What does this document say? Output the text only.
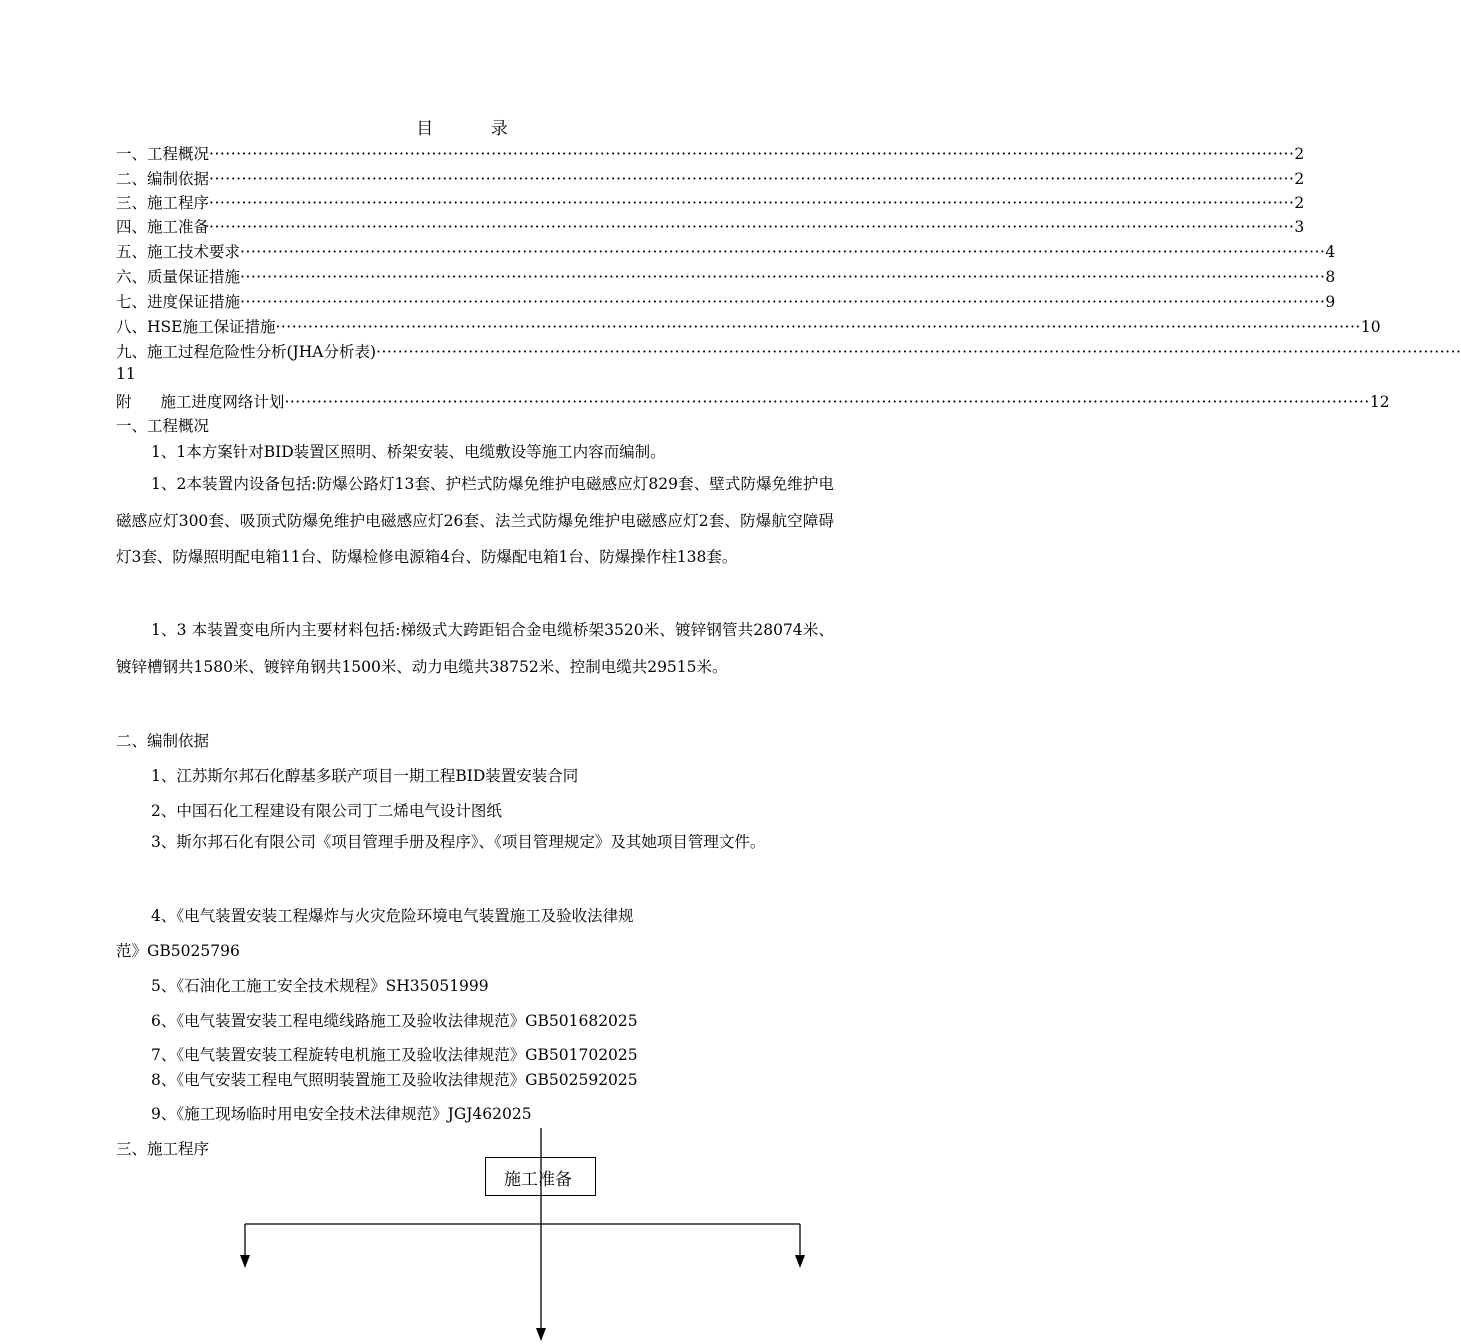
目 录
一、工程概况 ········································································································································································································ 2
二、编制依据 ········································································································································································································ 2
三、施工程序 ········································································································································································································ 2
四、施工准备 ········································································································································································································ 3
五、施工技术要求 ········································································································································································································ 4
六、质量保证措施 ········································································································································································································ 8
七、进度保证措施 ········································································································································································································ 9
八、HSE施工保证措施 ········································································································································································································ 10
九、施工过程危险性分析(JHA分析表) ········································································································································································································
11
附 施工进度网络计划 ········································································································································································································ 12
一、工程概况
1、1本方案针对BID装置区照明、桥架安装、电缆敷设等施工内容而编制。
1、2本装置内设备包括:防爆公路灯13套、护栏式防爆免维护电磁感应灯829套、壁式防爆免维护电磁感应灯300套、吸顶式防爆免维护电磁感应灯26套、法兰式防爆免维护电磁感应灯2套、防爆航空障碍灯3套、防爆照明配电箱11台、防爆检修电源箱4台、防爆配电箱1台、防爆操作柱138套。
1、3 本装置变电所内主要材料包括:梯级式大跨距铝合金电缆桥架3520米、镀锌钢管共28074米、镀锌槽钢共1580米、镀锌角钢共1500米、动力电缆共38752米、控制电缆共29515米。
二、编制依据
1、江苏斯尔邦石化醇基多联产项目一期工程BID装置安装合同
2、中国石化工程建设有限公司丁二烯电气设计图纸
3、斯尔邦石化有限公司《项目管理手册及程序》、《项目管理规定》及其她项目管理文件。
4、《电气装置安装工程爆炸与火灾危险环境电气装置施工及验收法律规
范》GB5025796
5、《石油化工施工安全技术规程》SH35051999
6、《电气装置安装工程电缆线路施工及验收法律规范》GB501682025
7、《电气装置安装工程旋转电机施工及验收法律规范》GB501702025
8、《电气安装工程电气照明装置施工及验收法律规范》GB502592025
9、《施工现场临时用电安全技术法律规范》JGJ462025
三、施工程序
施工准备
